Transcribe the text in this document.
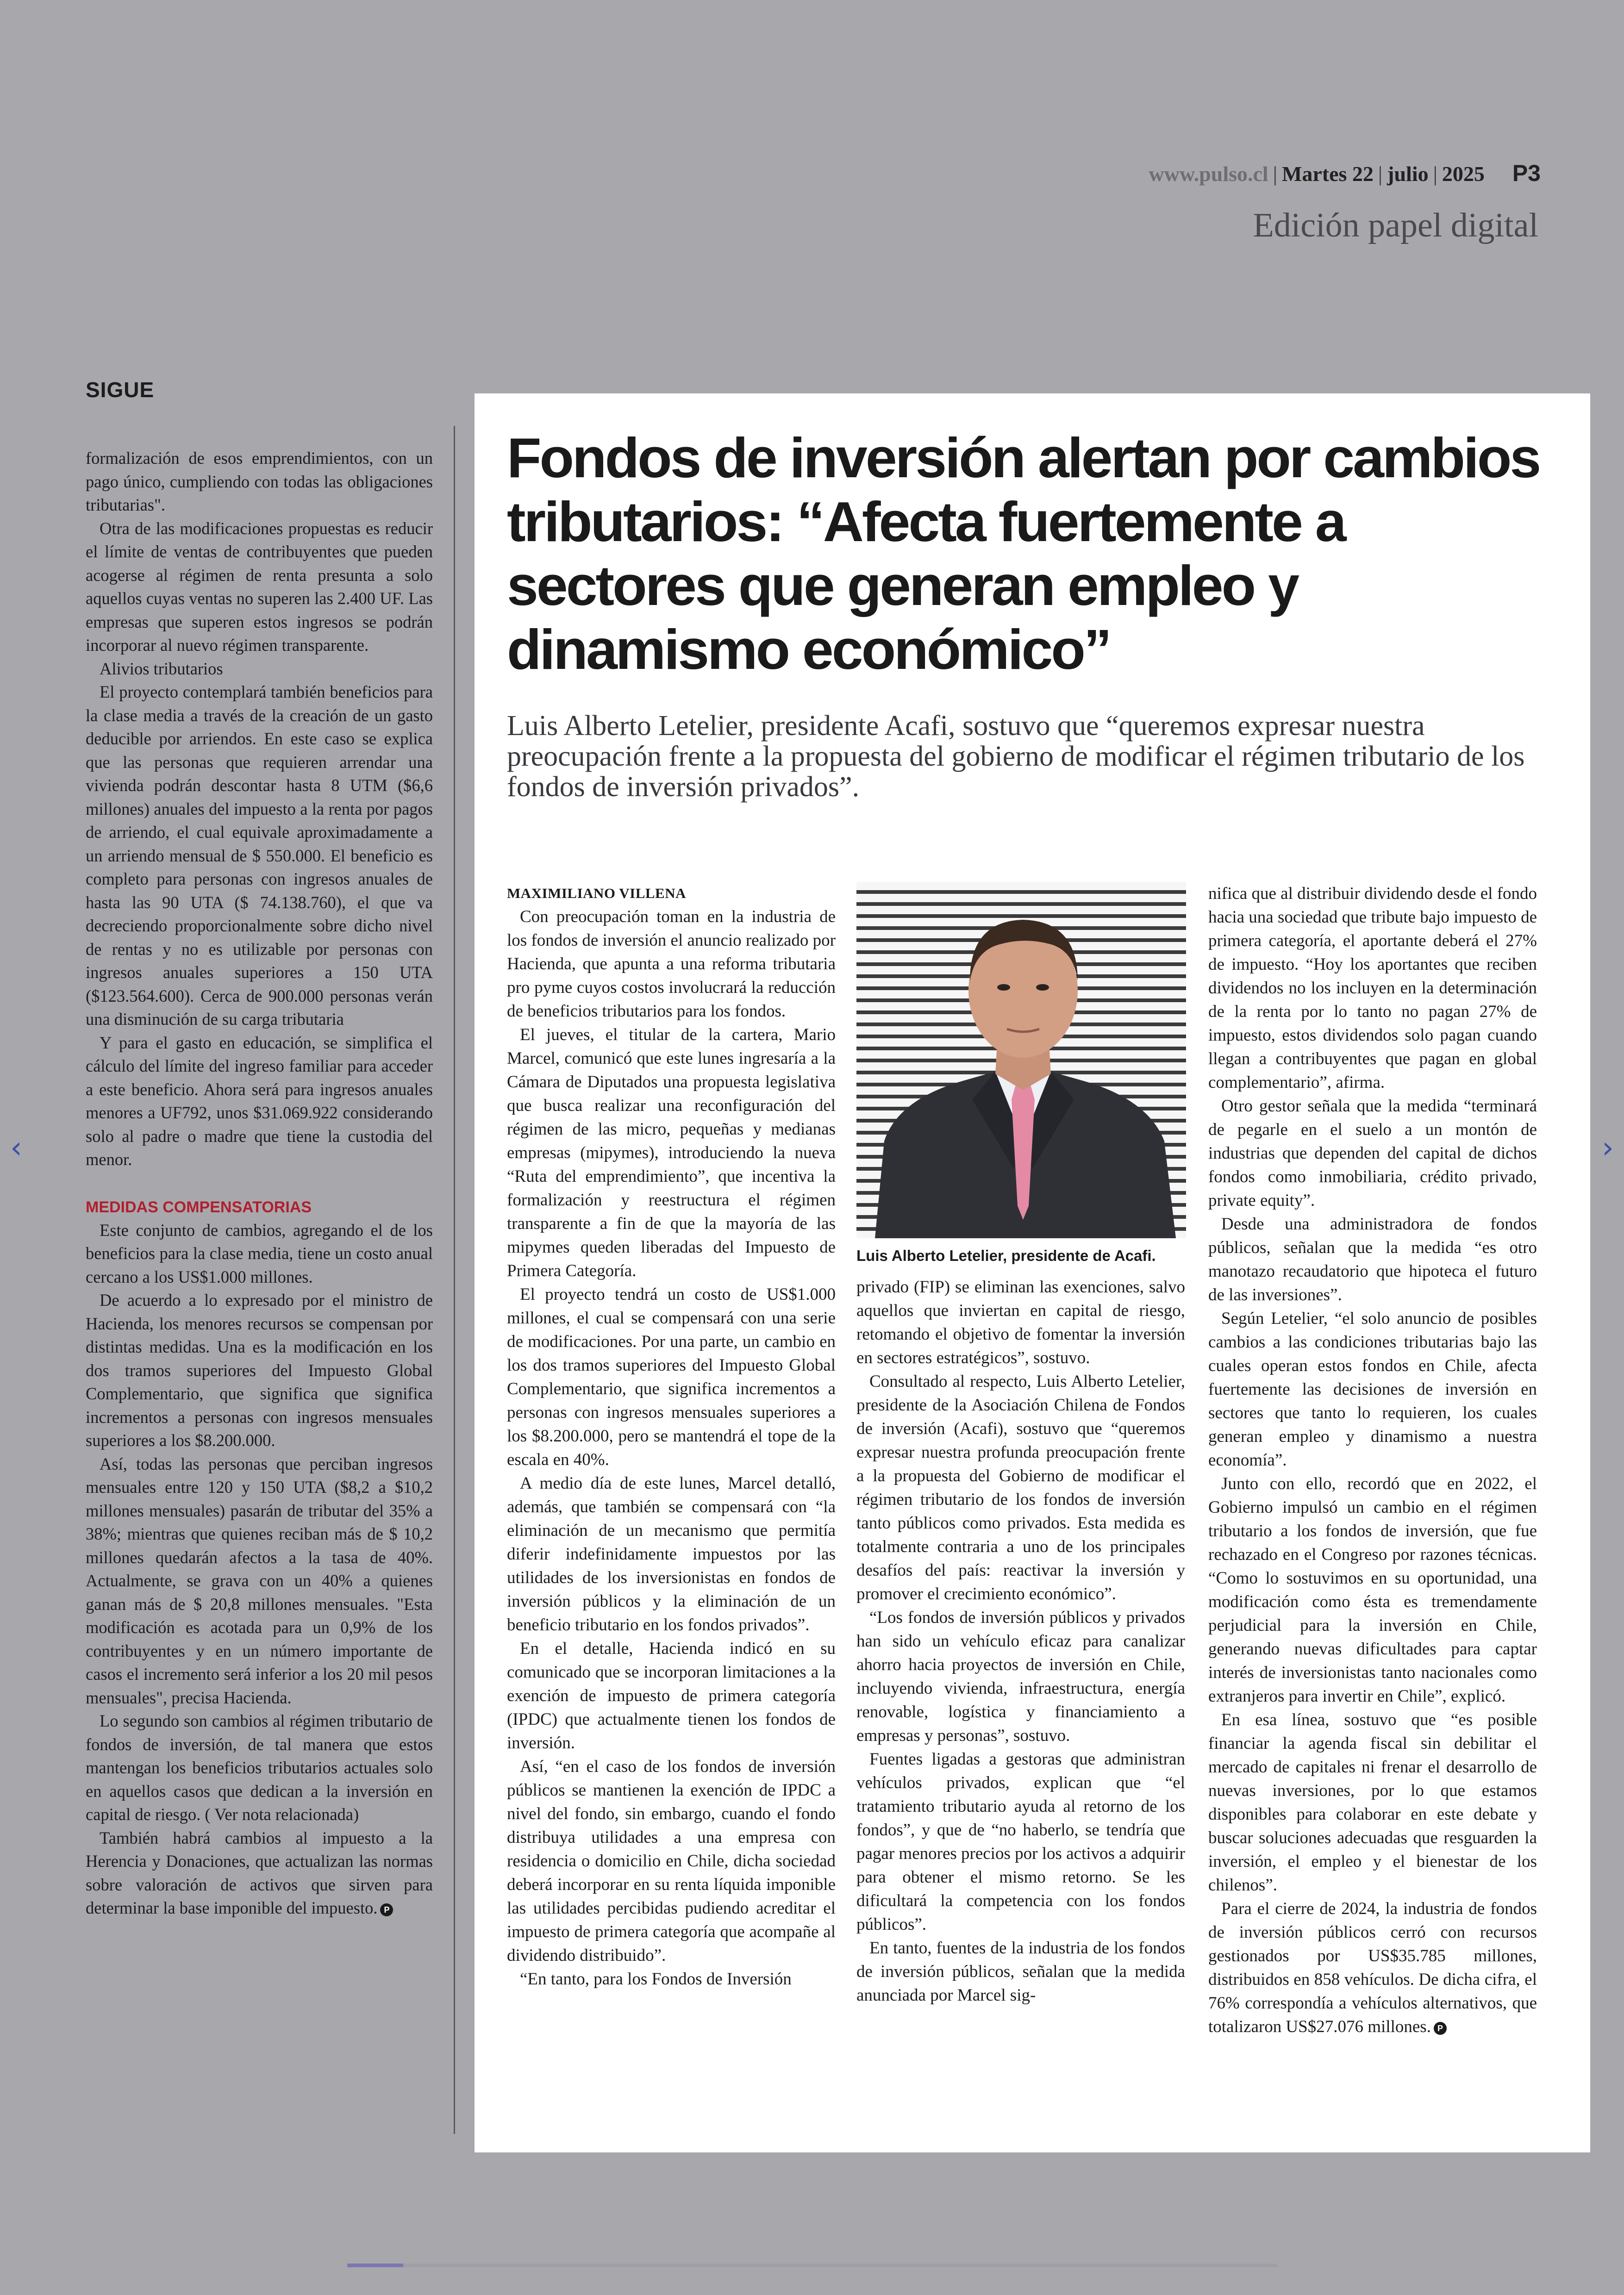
www.pulso.cl | Martes 22 | julio | 2025 P3
Edición papel digital
‹	›
SIGUE

formalización de esos emprendimientos, con un pago único, cumpliendo con todas las obligaciones tributarias".

Otra de las modificaciones propuestas es reducir el límite de ventas de contribuyentes que pueden acogerse al régimen de renta presunta a solo aquellos cuyas ventas no superen las 2.400 UF. Las empresas que superen estos ingresos se podrán incorporar al nuevo régimen transparente.

Alivios tributarios

El proyecto contemplará también beneficios para la clase media a través de la creación de un gasto deducible por arriendos. En este caso se explica que las personas que requieren arrendar una vivienda podrán descontar hasta 8 UTM ($6,6 millones) anuales del impuesto a la renta por pagos de arriendo, el cual equivale aproximadamente a un arriendo mensual de $ 550.000. El beneficio es completo para personas con ingresos anuales de hasta las 90 UTA ($ 74.138.760), el que va decreciendo proporcionalmente sobre dicho nivel de rentas y no es utilizable por personas con ingresos anuales superiores a 150 UTA ($123.564.600). Cerca de 900.000 personas verán una disminución de su carga tributaria

Y para el gasto en educación, se simplifica el cálculo del límite del ingreso familiar para acceder a este beneficio. Ahora será para ingresos anuales menores a UF792, unos $31.069.922 considerando solo al padre o madre que tiene la custodia del menor.

MEDIDAS COMPENSATORIAS

Este conjunto de cambios, agregando el de los beneficios para la clase media, tiene un costo anual cercano a los US$1.000 millones.

De acuerdo a lo expresado por el ministro de Hacienda, los menores recursos se compensan por distintas medidas. Una es la modificación en los dos tramos superiores del Impuesto Global Complementario, que significa que significa incrementos a personas con ingresos mensuales superiores a los $8.200.000.

Así, todas las personas que perciban ingresos mensuales entre 120 y 150 UTA ($8,2 a $10,2 millones mensuales) pasarán de tributar del 35% a 38%; mientras que quienes reciban más de $ 10,2 millones quedarán afectos a la tasa de 40%. Actualmente, se grava con un 40% a quienes ganan más de $ 20,8 millones mensuales. "Esta modificación es acotada para un 0,9% de los contribuyentes y en un número importante de casos el incremento será inferior a los 20 mil pesos mensuales", precisa Hacienda.

Lo segundo son cambios al régimen tributario de fondos de inversión, de tal manera que estos mantengan los beneficios tributarios actuales solo en aquellos casos que dedican a la inversión en capital de riesgo. ( Ver nota relacionada)

También habrá cambios al impuesto a la Herencia y Donaciones, que actualizan las normas sobre valoración de activos que sirven para determinar la base imponible del impuesto. P

Fondos de inversión alertan por cambios tributarios: “Afecta fuertemente a sectores que generan empleo y dinamismo económico”

Luis Alberto Letelier, presidente Acafi, sostuvo que “queremos expresar nuestra preocupación frente a la propuesta del gobierno de modificar el régimen tributario de los fondos de inversión privados”.

MAXIMILIANO VILLENA

Con preocupación toman en la industria de los fondos de inversión el anuncio realizado por Hacienda, que apunta a una reforma tributaria pro pyme cuyos costos involucrará la reducción de beneficios tributarios para los fondos.

El jueves, el titular de la cartera, Mario Marcel, comunicó que este lunes ingresaría a la Cámara de Diputados una propuesta legislativa que busca realizar una reconfiguración del régimen de las micro, pequeñas y medianas empresas (mipymes), introduciendo la nueva “Ruta del emprendimiento”, que incentiva la formalización y reestructura el régimen transparente a fin de que la mayoría de las mipymes queden liberadas del Impuesto de Primera Categoría.

El proyecto tendrá un costo de US$1.000 millones, el cual se compensará con una serie de modificaciones. Por una parte, un cambio en los dos tramos superiores del Impuesto Global Complementario, que significa incrementos a personas con ingresos mensuales superiores a los $8.200.000, pero se mantendrá el tope de la escala en 40%.

A medio día de este lunes, Marcel detalló, además, que también se compensará con “la eliminación de un mecanismo que permitía diferir indefinidamente impuestos por las utilidades de los inversionistas en fondos de inversión públicos y la eliminación de un beneficio tributario en los fondos privados”.

En el detalle, Hacienda indicó en su comunicado que se incorporan limitaciones a la exención de impuesto de primera categoría (IPDC) que actualmente tienen los fondos de inversión.

Así, “en el caso de los fondos de inversión públicos se mantienen la exención de IPDC a nivel del fondo, sin embargo, cuando el fondo distribuya utilidades a una empresa con residencia o domicilio en Chile, dicha sociedad deberá incorporar en su renta líquida imponible las utilidades percibidas pudiendo acreditar el impuesto de primera categoría que acompañe al dividendo distribuido”.

“En tanto, para los Fondos de Inversión

Luis Alberto Letelier, presidente de Acafi.

privado (FIP) se eliminan las exenciones, salvo aquellos que inviertan en capital de riesgo, retomando el objetivo de fomentar la inversión en sectores estratégicos”, sostuvo.

Consultado al respecto, Luis Alberto Letelier, presidente de la Asociación Chilena de Fondos de inversión (Acafi), sostuvo que “queremos expresar nuestra profunda preocupación frente a la propuesta del Gobierno de modificar el régimen tributario de los fondos de inversión tanto públicos como privados. Esta medida es totalmente contraria a uno de los principales desafíos del país: reactivar la inversión y promover el crecimiento económico”.

“Los fondos de inversión públicos y privados han sido un vehículo eficaz para canalizar ahorro hacia proyectos de inversión en Chile, incluyendo vivienda, infraestructura, energía renovable, logística y financiamiento a empresas y personas”, sostuvo.

Fuentes ligadas a gestoras que administran vehículos privados, explican que “el tratamiento tributario ayuda al retorno de los fondos”, y que de “no haberlo, se tendría que pagar menores precios por los activos a adquirir para obtener el mismo retorno. Se les dificultará la competencia con los fondos públicos”.

En tanto, fuentes de la industria de los fondos de inversión públicos, señalan que la medida anunciada por Marcel sig-

nifica que al distribuir dividendo desde el fondo hacia una sociedad que tribute bajo impuesto de primera categoría, el aportante deberá el 27% de impuesto. “Hoy los aportantes que reciben dividendos no los incluyen en la determinación de la renta por lo tanto no pagan 27% de impuesto, estos dividendos solo pagan cuando llegan a contribuyentes que pagan en global complementario”, afirma.

Otro gestor señala que la medida “terminará de pegarle en el suelo a un montón de industrias que dependen del capital de dichos fondos como inmobiliaria, crédito privado, private equity”.

Desde una administradora de fondos públicos, señalan que la medida “es otro manotazo recaudatorio que hipoteca el futuro de las inversiones”.

Según Letelier, “el solo anuncio de posibles cambios a las condiciones tributarias bajo las cuales operan estos fondos en Chile, afecta fuertemente las decisiones de inversión en sectores que tanto lo requieren, los cuales generan empleo y dinamismo a nuestra economía”.

Junto con ello, recordó que en 2022, el Gobierno impulsó un cambio en el régimen tributario a los fondos de inversión, que fue rechazado en el Congreso por razones técnicas. “Como lo sostuvimos en su oportunidad, una modificación como ésta es tremendamente perjudicial para la inversión en Chile, generando nuevas dificultades para captar interés de inversionistas tanto nacionales como extranjeros para invertir en Chile”, explicó.

En esa línea, sostuvo que “es posible financiar la agenda fiscal sin debilitar el mercado de capitales ni frenar el desarrollo de nuevas inversiones, por lo que estamos disponibles para colaborar en este debate y buscar soluciones adecuadas que resguarden la inversión, el empleo y el bienestar de los chilenos”.

Para el cierre de 2024, la industria de fondos de inversión públicos cerró con recursos gestionados por US$35.785 millones, distribuidos en 858 vehículos. De dicha cifra, el 76% correspondía a vehículos alternativos, que totalizaron US$27.076 millones. P
